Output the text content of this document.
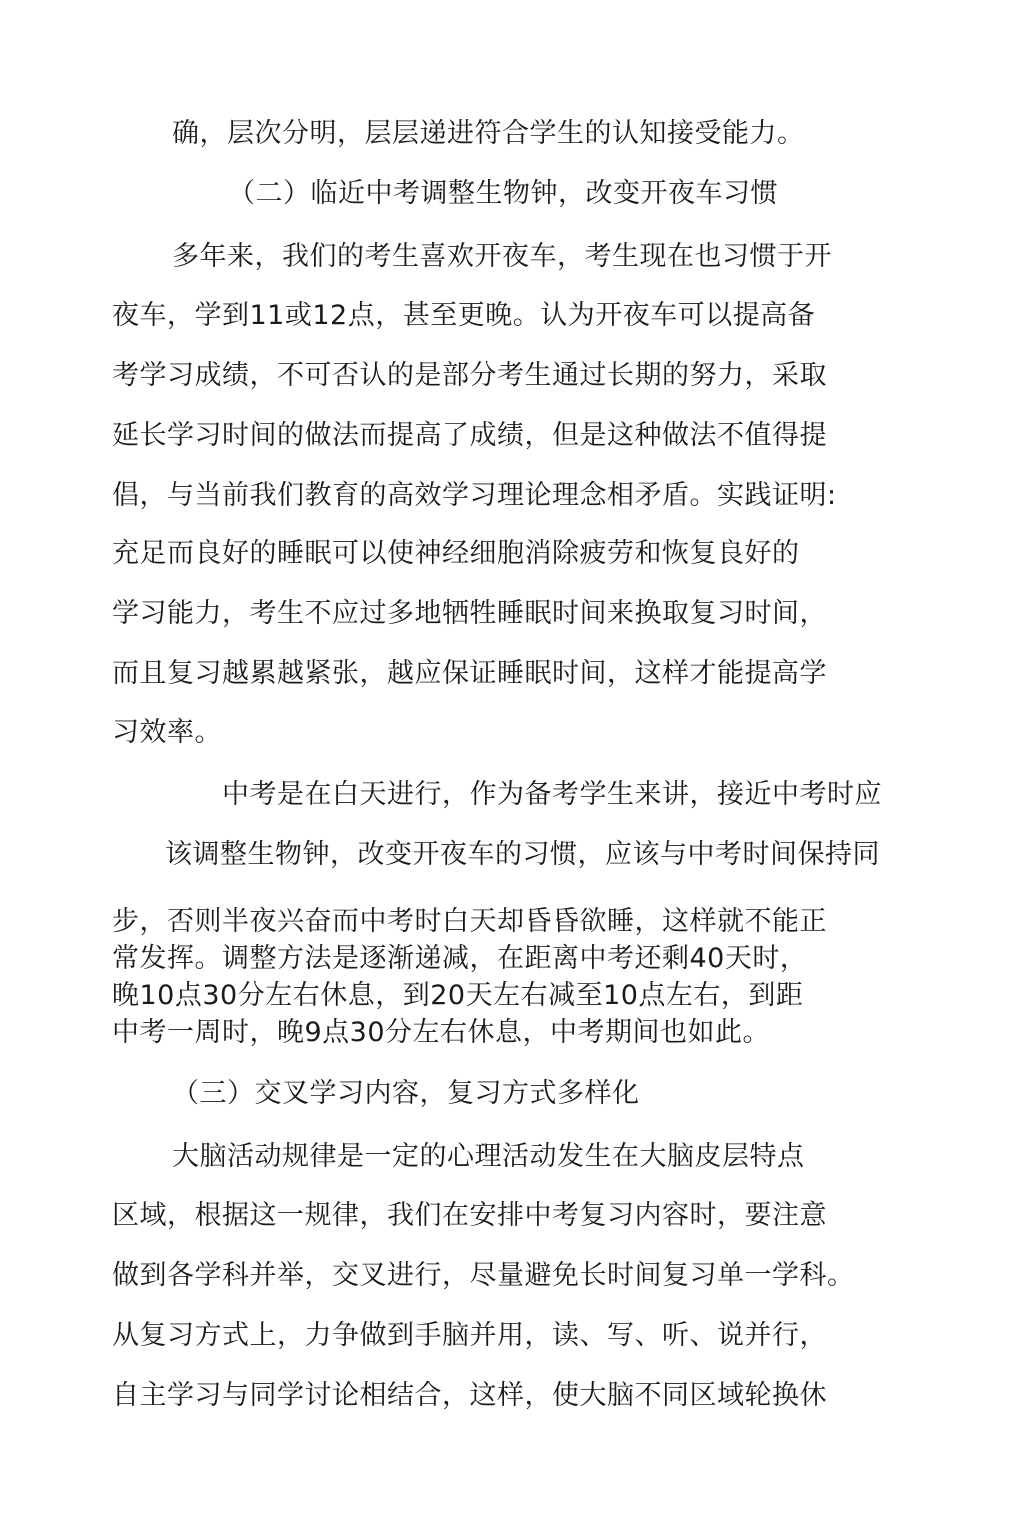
确，层次分明，层层递进符合学生的认知接受能力。
（二）临近中考调整生物钟，改变开夜车习惯
多年来，我们的考生喜欢开夜车，考生现在也习惯于开
夜车，学到11或12点，甚至更晚。认为开夜车可以提高备
考学习成绩，不可否认的是部分考生通过长期的努力，采取
延长学习时间的做法而提高了成绩，但是这种做法不值得提
倡，与当前我们教育的高效学习理论理念相矛盾。实践证明:
充足而良好的睡眠可以使神经细胞消除疲劳和恢复良好的
学习能力，考生不应过多地牺牲睡眠时间来换取复习时间，
而且复习越累越紧张，越应保证睡眠时间，这样才能提高学
习效率。
中考是在白天进行，作为备考学生来讲，接近中考时应
该调整生物钟，改变开夜车的习惯，应该与中考时间保持同
步，否则半夜兴奋而中考时白天却昏昏欲睡，这样就不能正
常发挥。调整方法是逐渐递减，在距离中考还剩40天时，
晚10点30分左右休息，到20天左右减至10点左右，到距
中考一周时，晚9点30分左右休息，中考期间也如此。
（三）交叉学习内容，复习方式多样化
大脑活动规律是一定的心理活动发生在大脑皮层特点
区域，根据这一规律，我们在安排中考复习内容时，要注意
做到各学科并举，交叉进行，尽量避免长时间复习单一学科。
从复习方式上，力争做到手脑并用，读、写、听、说并行，
自主学习与同学讨论相结合，这样，使大脑不同区域轮换休
